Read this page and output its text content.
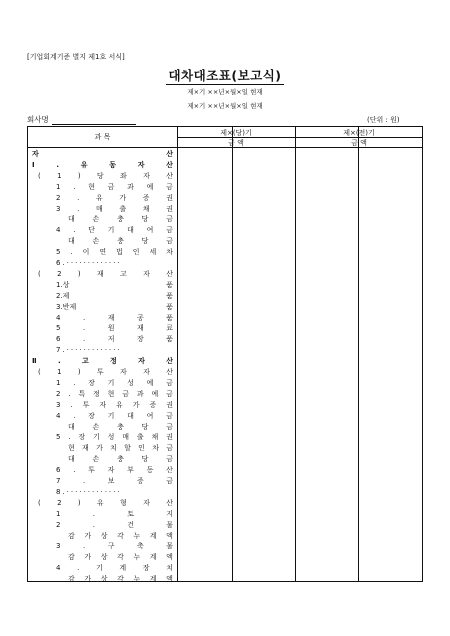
[기업회계기준 별지 제1호 서식]
대차대조표(보고식)
제×기 ××년×월×일 현재
제×기 ××년×월×일 현재
회사명	(단위 : 원)
과 목	제×(당)기	제×(전)기
금 액	금 액
자	산
Ⅰ	.	유	동	자	산
( 1 ) 당 좌 자 산
1 . 현 금 과 예 금
2 . 유 가 증 권
3 . 매 출 채 권
대	손	충	당	금
4 . 단 기 대 여 금
대	손	충	당	금
5 . 이 연 법 인 세 차
6.·············
( 2 ) 재 고 자 산
1.상	품
2.제	품
3.반제	품
4	.	재	공	품
5	.	원	재	료
6	.	저	장	품
7.·············
Ⅱ	.	고	정	자	산
( 1 ) 투 자 자 산
1 . 장 기 성 예 금
2 . 특 정 현 금 과 예 금
3 . 투 자 유 가 증 권
4 . 장 기 대 여 금
대	손	충	당	금
5 . 장 기 성 매 출 채 권
현 재 가 치 할 인 차 금
대	손	충	당	금
6 . 투 자 부 동 산
7	.	보	증	금
8.·············
( 2 ) 유 형 자 산
1	.	토	지
2	.	건	물
감 가 상 각 누 계 액
3	.	구	축	물
감 가 상 각 누 계 액
4 . 기 계 장 치
감 가 상 각 누 계 액
